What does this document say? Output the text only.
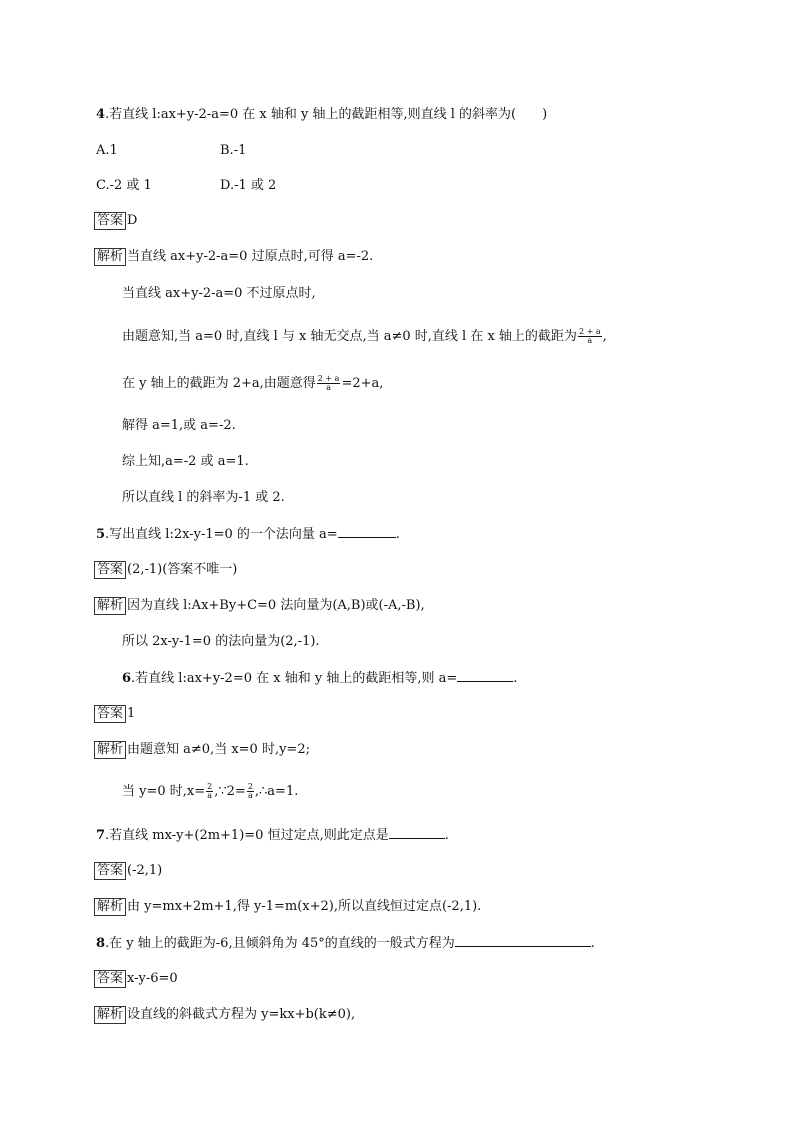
4.若直线 l:ax+y-2-a=0 在 x 轴和 y 轴上的截距相等,则直线 l 的斜率为(　　)
A.1	B.-1
C.-2 或 1	D.-1 或 2
答案 D
解析 当直线 ax+y-2-a=0 过原点时,可得 a=-2.
当直线 ax+y-2-a=0 不过原点时,
由题意知,当 a=0 时,直线 l 与 x 轴无交点,当 a≠0 时,直线 l 在 x 轴上的截距为 $\frac{2 + a}{a}$ ,
在 y 轴上的截距为 2+a,由题意得 $\frac{2 + a}{a} =2+a$,
解得 a=1,或 a=-2.
综上知,a=-2 或 a=1.
所以直线 l 的斜率为-1 或 2.
5.写出直线 l:2x-y-1=0 的一个法向量 a=	.
答案 (2,-1)(答案不唯一)
解析 因为直线 l:Ax+By+C=0 法向量为(A,B)或(-A,-B),
所以 2x-y-1=0 的法向量为(2,-1).
6.若直线 l:ax+y-2=0 在 x 轴和 y 轴上的截距相等,则 a=	.
答案 1
解析 由题意知 a≠0,当 x=0 时,y=2;
当 y=0 时$,x= \frac{2}{a}$ ,∵2= $\frac{2}{a}$ ,∴a=1.
7.若直线 mx-y+(2m+1)=0 恒过定点,则此定点是	.
答案 (-2,1)
解析 由 y=mx+2m+1,得 y-1=m(x+2),所以直线恒过定点(-2,1).
8.在 y 轴上的截距为-6,且倾斜角为 45°的直线的一般式方程为	.
答案 x-y-6=0
解析 设直线的斜截式方程为 y=kx+b(k≠0),
